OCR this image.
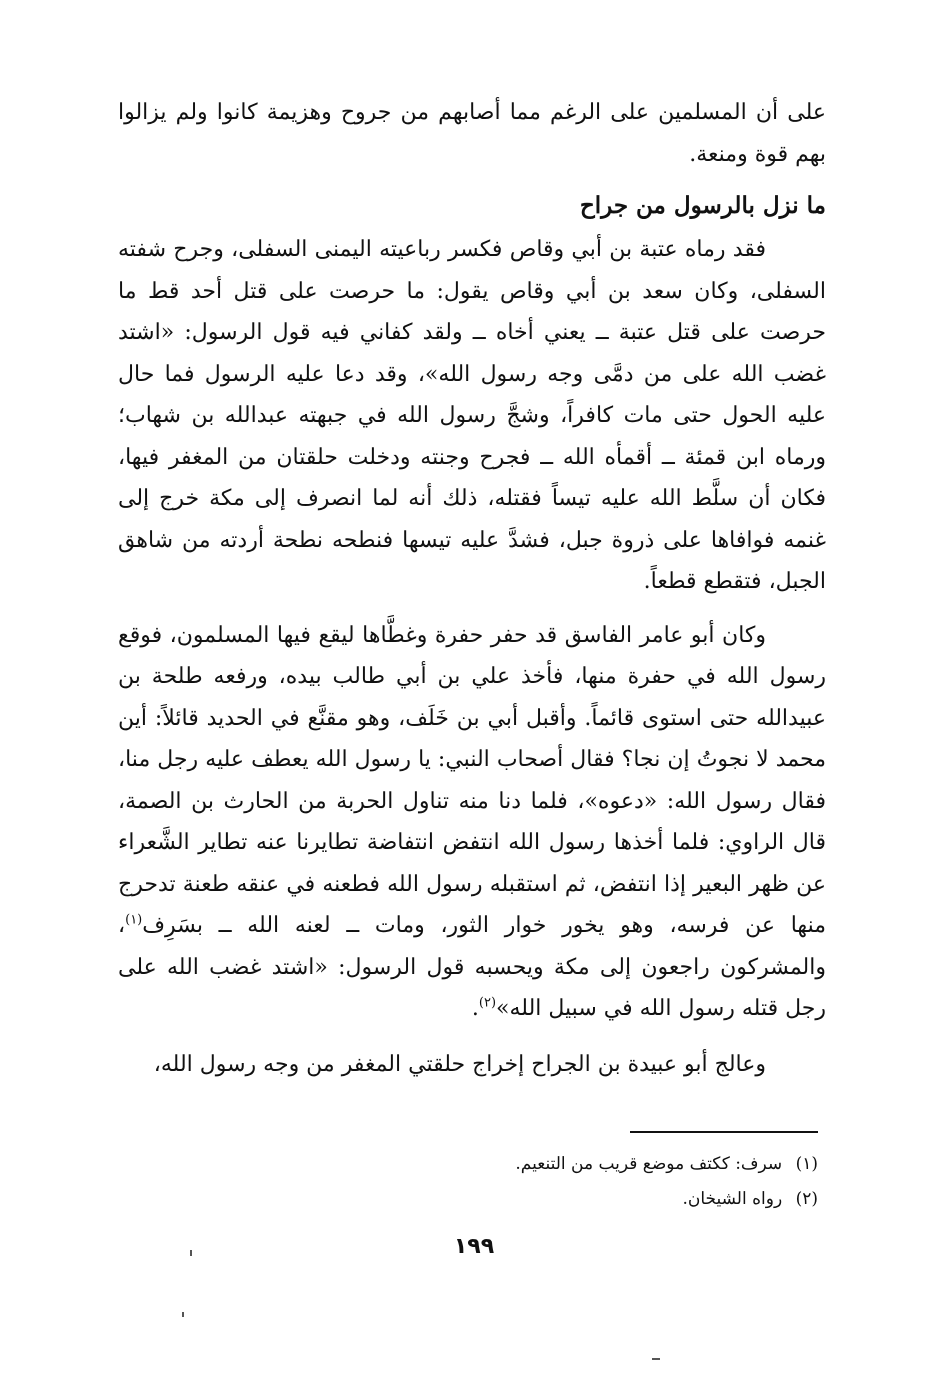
على أن المسلمين على الرغم مما أصابهم من جروح وهزيمة كانوا ولم يزالوا بهم قوة ومنعة.

ما نزل بالرسول من جراح

فقد رماه عتبة بن أبي وقاص فكسر رباعيته اليمنى السفلى، وجرح شفته السفلى، وكان سعد بن أبي وقاص يقول: ما حرصت على قتل أحد قط ما حرصت على قتل عتبة ــ يعني أخاه ــ ولقد كفاني فيه قول الرسول: «اشتد غضب الله على من دمَّى وجه رسول الله»، وقد دعا عليه الرسول فما حال عليه الحول حتى مات كافراً، وشجَّ رسول الله في جبهته عبدالله بن شهاب؛ ورماه ابن قمئة ــ أقمأه الله ــ فجرح وجنته ودخلت حلقتان من المغفر فيها، فكان أن سلَّط الله عليه تيساً فقتله، ذلك أنه لما انصرف إلى مكة خرج إلى غنمه فوافاها على ذروة جبل، فشدَّ عليه تيسها فنطحه نطحة أردته من شاهق الجبل، فتقطع قطعاً.

وكان أبو عامر الفاسق قد حفر حفرة وغطَّاها ليقع فيها المسلمون، فوقع رسول الله في حفرة منها، فأخذ علي بن أبي طالب بيده، ورفعه طلحة بن عبيدالله حتى استوى قائماً. وأقبل أبي بن خَلَف، وهو مقنَّع في الحديد قائلاً: أين محمد لا نجوتُ إن نجا؟ فقال أصحاب النبي: يا رسول الله يعطف عليه رجل منا، فقال رسول الله: «دعوه»، فلما دنا منه تناول الحربة من الحارث بن الصمة، قال الراوي: فلما أخذها رسول الله انتفض انتفاضة تطايرنا عنه تطاير الشَّعراء عن ظهر البعير إذا انتفض، ثم استقبله رسول الله فطعنه في عنقه طعنة تدحرج منها عن فرسه، وهو يخور خوار الثور، ومات ــ لعنه الله ــ بسَرِف$^{(١)}$، والمشركون راجعون إلى مكة ويحسبه قول الرسول: «اشتد غضب الله على رجل قتله رسول الله في سبيل الله»$^{(٢)}$.

وعالج أبو عبيدة بن الجراح إخراج حلقتي المغفر من وجه رسول الله،

(١) سرف: ككتف موضع قريب من التنعيم.
(٢) رواه الشيخان.
١٩٩
